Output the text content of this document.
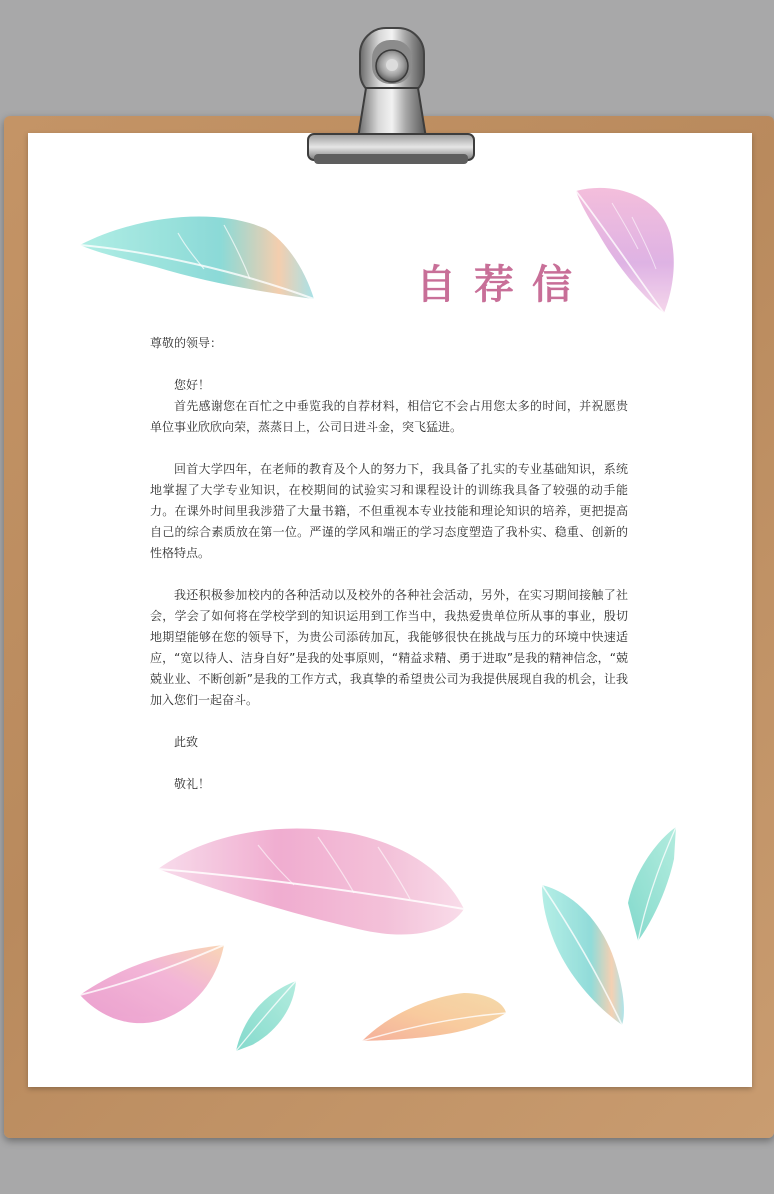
自荐信

尊敬的领导：

您好！

首先感谢您在百忙之中垂览我的自荐材料，相信它不会占用您太多的时间，并祝愿贵单位事业欣欣向荣，蒸蒸日上，公司日进斗金，突飞猛进。

回首大学四年，在老师的教育及个人的努力下，我具备了扎实的专业基础知识，系统地掌握了大学专业知识，在校期间的试验实习和课程设计的训练我具备了较强的动手能力。在课外时间里我涉猎了大量书籍，不但重视本专业技能和理论知识的培养，更把提高自己的综合素质放在第一位。严谨的学风和端正的学习态度塑造了我朴实、稳重、创新的性格特点。

我还积极参加校内的各种活动以及校外的各种社会活动，另外，在实习期间接触了社会，学会了如何将在学校学到的知识运用到工作当中，我热爱贵单位所从事的事业，殷切地期望能够在您的领导下，为贵公司添砖加瓦，我能够很快在挑战与压力的环境中快速适应，“宽以待人、洁身自好”是我的处事原则，“精益求精、勇于进取”是我的精神信念，“兢兢业业、不断创新”是我的工作方式，我真挚的希望贵公司为我提供展现自我的机会，让我加入您们一起奋斗。

此致

敬礼！
